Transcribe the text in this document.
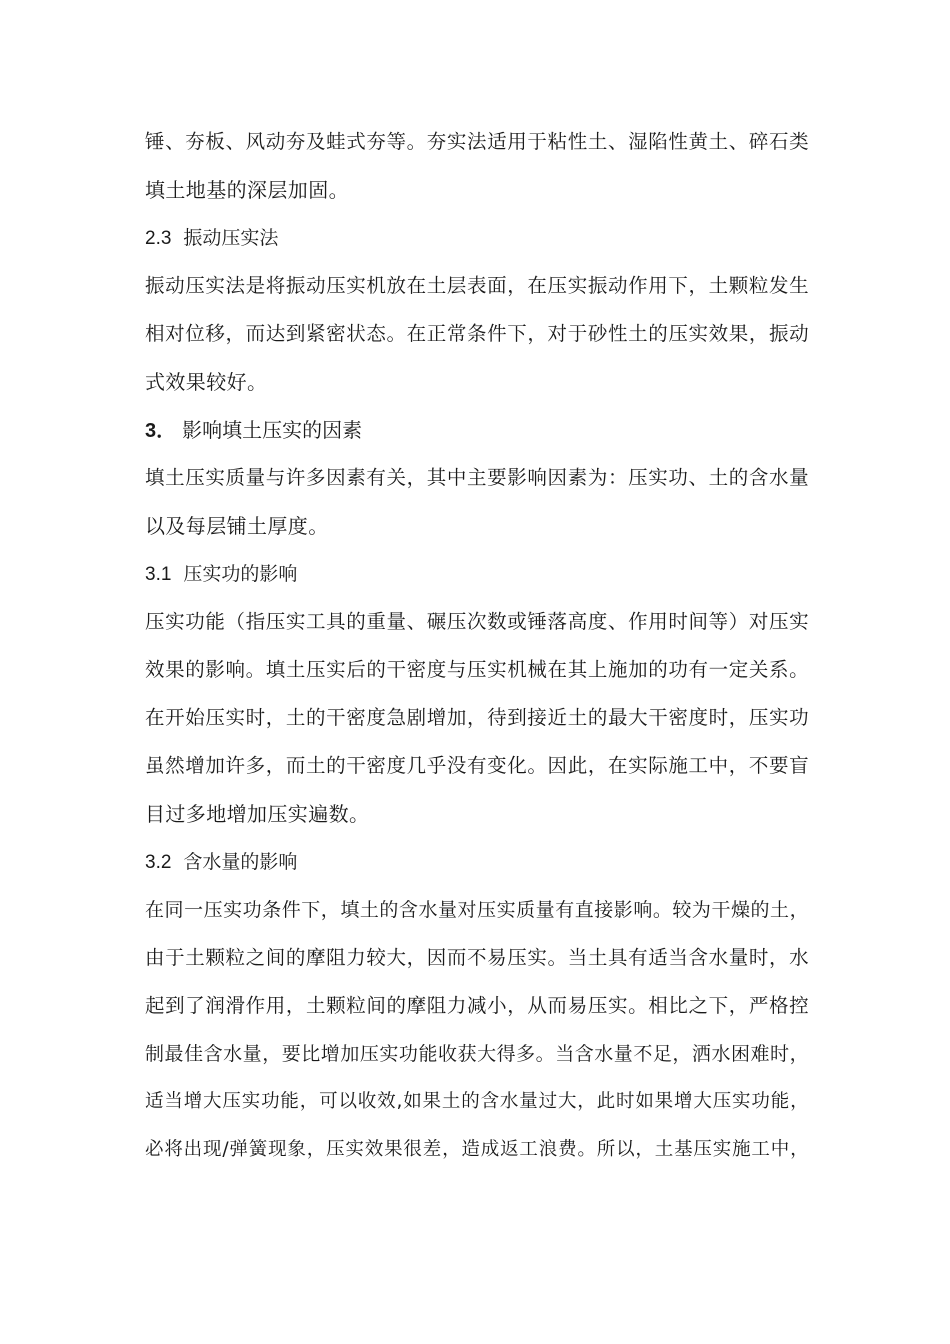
锤、夯板、风动夯及蛙式夯等。夯实法适用于粘性土、湿陷性黄土、碎石类
填土地基的深层加固。
2.3 振动压实法
振动压实法是将振动压实机放在土层表面，在压实振动作用下，土颗粒发生
相对位移，而达到紧密状态。在正常条件下，对于砂性土的压实效果，振动
式效果较好。
3． 影响填土压实的因素
填土压实质量与许多因素有关，其中主要影响因素为：压实功、土的含水量
以及每层铺土厚度。
3.1 压实功的影响
压实功能（指压实工具的重量、碾压次数或锤落高度、作用时间等）对压实
效果的影响。填土压实后的干密度与压实机械在其上施加的功有一定关系。
在开始压实时，土的干密度急剧增加，待到接近土的最大干密度时，压实功
虽然增加许多，而土的干密度几乎没有变化。因此，在实际施工中，不要盲
目过多地增加压实遍数。
3.2 含水量的影响
在同一压实功条件下，填土的含水量对压实质量有直接影响。较为干燥的土，
由于土颗粒之间的摩阻力较大，因而不易压实。当土具有适当含水量时，水
起到了润滑作用，土颗粒间的摩阻力减小，从而易压实。相比之下，严格控
制最佳含水量，要比增加压实功能收获大得多。当含水量不足，洒水困难时，
适当增大压实功能，可以收效,如果土的含水量过大，此时如果增大压实功能，
必将出现/弹簧现象，压实效果很差，造成返工浪费。所以，土基压实施工中，
